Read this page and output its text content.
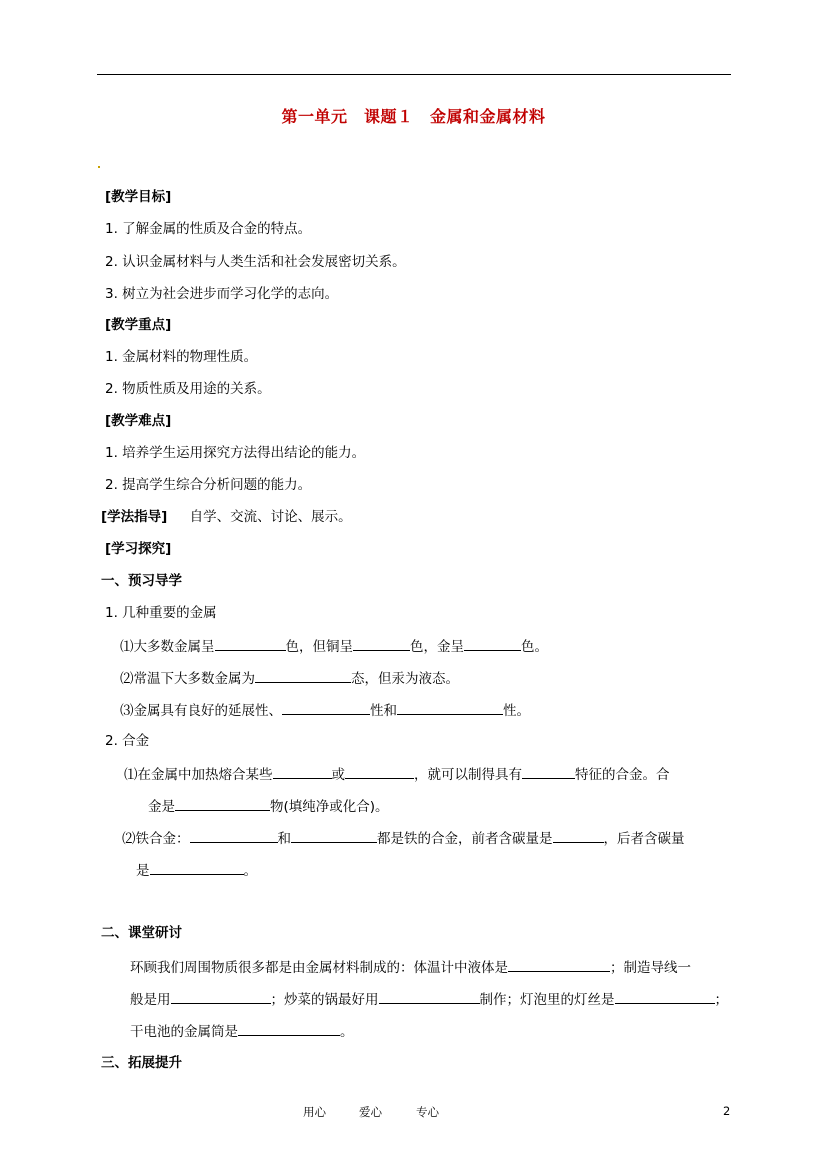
第一单元　课题１　金属和金属材料
[教学目标]
1. 了解金属的性质及合金的特点。
2. 认识金属材料与人类生活和社会发展密切关系。
3. 树立为社会进步而学习化学的志向。
[教学重点]
1. 金属材料的物理性质。
2. 物质性质及用途的关系。
[教学难点]
1. 培养学生运用探究方法得出结论的能力。
2. 提高学生综合分析问题的能力。
[学法指导] 自学、交流、讨论、展示。
[学习探究]
一、预习导学
1. 几种重要的金属
⑴大多数金属呈	色，但铜呈	色，金呈	色。
⑵常温下大多数金属为	态，但汞为液态。
⑶金属具有良好的延展性、	性和	性。
2. 合金
⑴在金属中加热熔合某些	或	，就可以制得具有	特征的合金。合
金是	物(填纯净或化合)。
⑵铁合金：	和	都是铁的合金，前者含碳量是	，后者含碳量
是	。
二、课堂研讨
环顾我们周围物质很多都是由金属材料制成的：体温计中液体是	；制造导线一
般是用	；炒菜的锅最好用	制作；灯泡里的灯丝是	；
干电池的金属筒是	。
三、拓展提升
用心	爱心	专心	2
